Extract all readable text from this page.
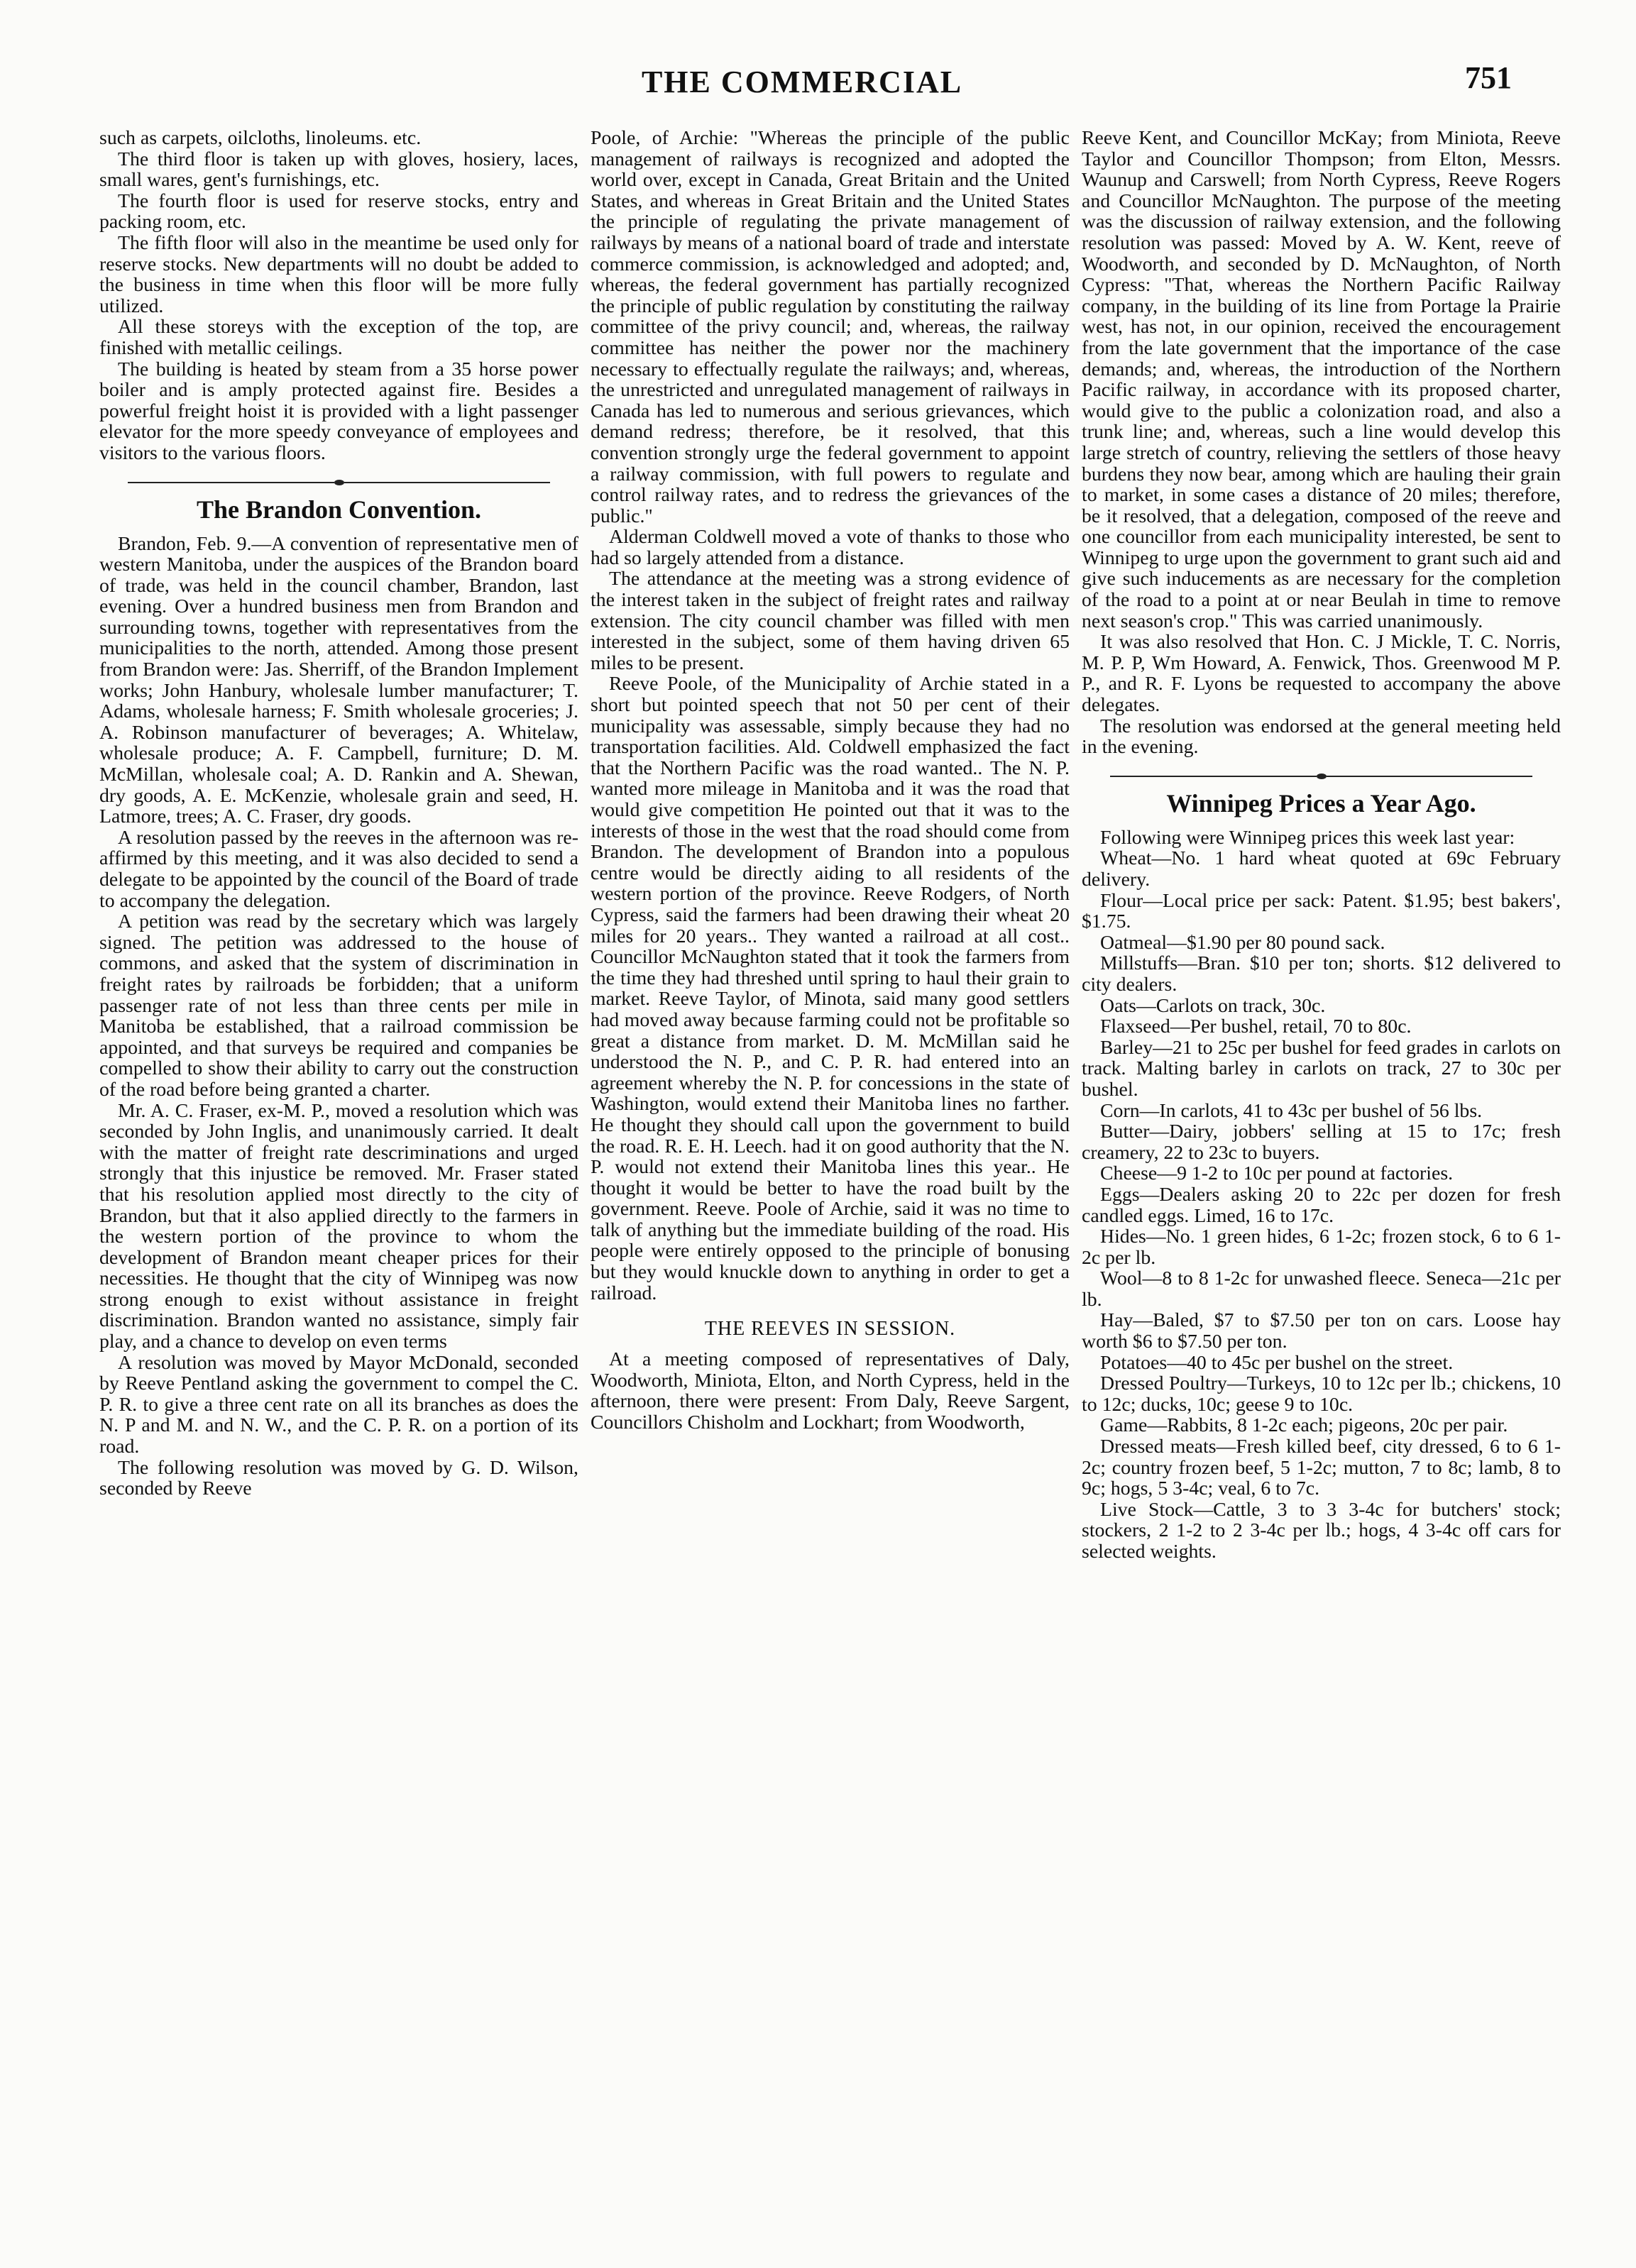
THE COMMERCIAL	751

such as carpets, oilcloths, linoleums. etc.

The third floor is taken up with gloves, hosiery, laces, small wares, gent's furnishings, etc.

The fourth floor is used for reserve stocks, entry and packing room, etc.

The fifth floor will also in the meantime be used only for reserve stocks. New departments will no doubt be added to the business in time when this floor will be more fully utilized.

All these storeys with the exception of the top, are finished with metallic ceilings.

The building is heated by steam from a 35 horse power boiler and is amply protected against fire. Besides a powerful freight hoist it is provided with a light passenger elevator for the more speedy conveyance of employees and visitors to the various floors.

The Brandon Convention.

Brandon, Feb. 9.—A convention of representative men of western Manitoba, under the auspices of the Brandon board of trade, was held in the council chamber, Brandon, last evening. Over a hundred business men from Brandon and surrounding towns, together with representatives from the municipalities to the north, attended. Among those present from Brandon were: Jas. Sherriff, of the Brandon Implement works; John Hanbury, wholesale lumber manufacturer; T. Adams, wholesale harness; F. Smith wholesale groceries; J. A. Robinson manufacturer of beverages; A. Whitelaw, wholesale produce; A. F. Campbell, furniture; D. M. McMillan, wholesale coal; A. D. Rankin and A. Shewan, dry goods, A. E. McKenzie, wholesale grain and seed, H. Latmore, trees; A. C. Fraser, dry goods.

A resolution passed by the reeves in the afternoon was re-affirmed by this meeting, and it was also decided to send a delegate to be appointed by the council of the Board of trade to accompany the delegation.

A petition was read by the secretary which was largely signed. The petition was addressed to the house of commons, and asked that the system of discrimination in freight rates by railroads be forbidden; that a uniform passenger rate of not less than three cents per mile in Manitoba be established, that a railroad commission be appointed, and that surveys be required and companies be compelled to show their ability to carry out the construction of the road before being granted a charter.

Mr. A. C. Fraser, ex-M. P., moved a resolution which was seconded by John Inglis, and unanimously carried. It dealt with the matter of freight rate descriminations and urged strongly that this injustice be removed. Mr. Fraser stated that his resolution applied most directly to the city of Brandon, but that it also applied directly to the farmers in the western portion of the province to whom the development of Brandon meant cheaper prices for their necessities. He thought that the city of Winnipeg was now strong enough to exist without assistance in freight discrimination. Brandon wanted no assistance, simply fair play, and a chance to develop on even terms

A resolution was moved by Mayor McDonald, seconded by Reeve Pentland asking the government to compel the C. P. R. to give a three cent rate on all its branches as does the N. P and M. and N. W., and the C. P. R. on a portion of its road.

The following resolution was moved by G. D. Wilson, seconded by Reeve

Poole, of Archie: "Whereas the principle of the public management of railways is recognized and adopted the world over, except in Canada, Great Britain and the United States, and whereas in Great Britain and the United States the principle of regulating the private management of railways by means of a national board of trade and interstate commerce commission, is acknowledged and adopted; and, whereas, the federal government has partially recognized the principle of public regulation by constituting the railway committee of the privy council; and, whereas, the railway committee has neither the power nor the machinery necessary to effectually regulate the railways; and, whereas, the unrestricted and unregulated management of railways in Canada has led to numerous and serious grievances, which demand redress; therefore, be it resolved, that this convention strongly urge the federal government to appoint a railway commission, with full powers to regulate and control railway rates, and to redress the grievances of the public."

Alderman Coldwell moved a vote of thanks to those who had so largely attended from a distance.

The attendance at the meeting was a strong evidence of the interest taken in the subject of freight rates and railway extension. The city council chamber was filled with men interested in the subject, some of them having driven 65 miles to be present.

Reeve Poole, of the Municipality of Archie stated in a short but pointed speech that not 50 per cent of their municipality was assessable, simply because they had no transportation facilities. Ald. Coldwell emphasized the fact that the Northern Pacific was the road wanted.. The N. P. wanted more mileage in Manitoba and it was the road that would give competition He pointed out that it was to the interests of those in the west that the road should come from Brandon. The development of Brandon into a populous centre would be directly aiding to all residents of the western portion of the province. Reeve Rodgers, of North Cypress, said the farmers had been drawing their wheat 20 miles for 20 years.. They wanted a railroad at all cost.. Councillor McNaughton stated that it took the farmers from the time they had threshed until spring to haul their grain to market. Reeve Taylor, of Minota, said many good settlers had moved away because farming could not be profitable so great a distance from market. D. M. McMillan said he understood the N. P., and C. P. R. had entered into an agreement whereby the N. P. for concessions in the state of Washington, would extend their Manitoba lines no farther. He thought they should call upon the government to build the road. R. E. H. Leech. had it on good authority that the N. P. would not extend their Manitoba lines this year.. He thought it would be better to have the road built by the government. Reeve. Poole of Archie, said it was no time to talk of anything but the immediate building of the road. His people were entirely opposed to the principle of bonusing but they would knuckle down to anything in order to get a railroad.

THE REEVES IN SESSION.

At a meeting composed of representatives of Daly, Woodworth, Miniota, Elton, and North Cypress, held in the afternoon, there were present: From Daly, Reeve Sargent, Councillors Chisholm and Lockhart; from Woodworth,

Reeve Kent, and Councillor McKay; from Miniota, Reeve Taylor and Councillor Thompson; from Elton, Messrs. Waunup and Carswell; from North Cypress, Reeve Rogers and Councillor McNaughton. The purpose of the meeting was the discussion of railway extension, and the following resolution was passed: Moved by A. W. Kent, reeve of Woodworth, and seconded by D. McNaughton, of North Cypress: "That, whereas the Northern Pacific Railway company, in the building of its line from Portage la Prairie west, has not, in our opinion, received the encouragement from the late government that the importance of the case demands; and, whereas, the introduction of the Northern Pacific railway, in accordance with its proposed charter, would give to the public a colonization road, and also a trunk line; and, whereas, such a line would develop this large stretch of country, relieving the settlers of those heavy burdens they now bear, among which are hauling their grain to market, in some cases a distance of 20 miles; therefore, be it resolved, that a delegation, composed of the reeve and one councillor from each municipality interested, be sent to Winnipeg to urge upon the government to grant such aid and give such inducements as are necessary for the completion of the road to a point at or near Beulah in time to remove next season's crop." This was carried unanimously.

It was also resolved that Hon. C. J Mickle, T. C. Norris, M. P. P, Wm Howard, A. Fenwick, Thos. Greenwood M P. P., and R. F. Lyons be requested to accompany the above delegates.

The resolution was endorsed at the general meeting held in the evening.

Winnipeg Prices a Year Ago.

Following were Winnipeg prices this week last year:

Wheat—No. 1 hard wheat quoted at 69c February delivery.

Flour—Local price per sack: Patent. $1.95; best bakers', $1.75.

Oatmeal—$1.90 per 80 pound sack.

Millstuffs—Bran. $10 per ton; shorts. $12 delivered to city dealers.

Oats—Carlots on track, 30c.

Flaxseed—Per bushel, retail, 70 to 80c.

Barley—21 to 25c per bushel for feed grades in carlots on track. Malting barley in carlots on track, 27 to 30c per bushel.

Corn—In carlots, 41 to 43c per bushel of 56 lbs.

Butter—Dairy, jobbers' selling at 15 to 17c; fresh creamery, 22 to 23c to buyers.

Cheese—9 1-2 to 10c per pound at factories.

Eggs—Dealers asking 20 to 22c per dozen for fresh candled eggs. Limed, 16 to 17c.

Hides—No. 1 green hides, 6 1-2c; frozen stock, 6 to 6 1-2c per lb.

Wool—8 to 8 1-2c for unwashed fleece. Seneca—21c per lb.

Hay—Baled, $7 to $7.50 per ton on cars. Loose hay worth $6 to $7.50 per ton.

Potatoes—40 to 45c per bushel on the street.

Dressed Poultry—Turkeys, 10 to 12c per lb.; chickens, 10 to 12c; ducks, 10c; geese 9 to 10c.

Game—Rabbits, 8 1-2c each; pigeons, 20c per pair.

Dressed meats—Fresh killed beef, city dressed, 6 to 6 1-2c; country frozen beef, 5 1-2c; mutton, 7 to 8c; lamb, 8 to 9c; hogs, 5 3-4c; veal, 6 to 7c.

Live Stock—Cattle, 3 to 3 3-4c for butchers' stock; stockers, 2 1-2 to 2 3-4c per lb.; hogs, 4 3-4c off cars for selected weights.
